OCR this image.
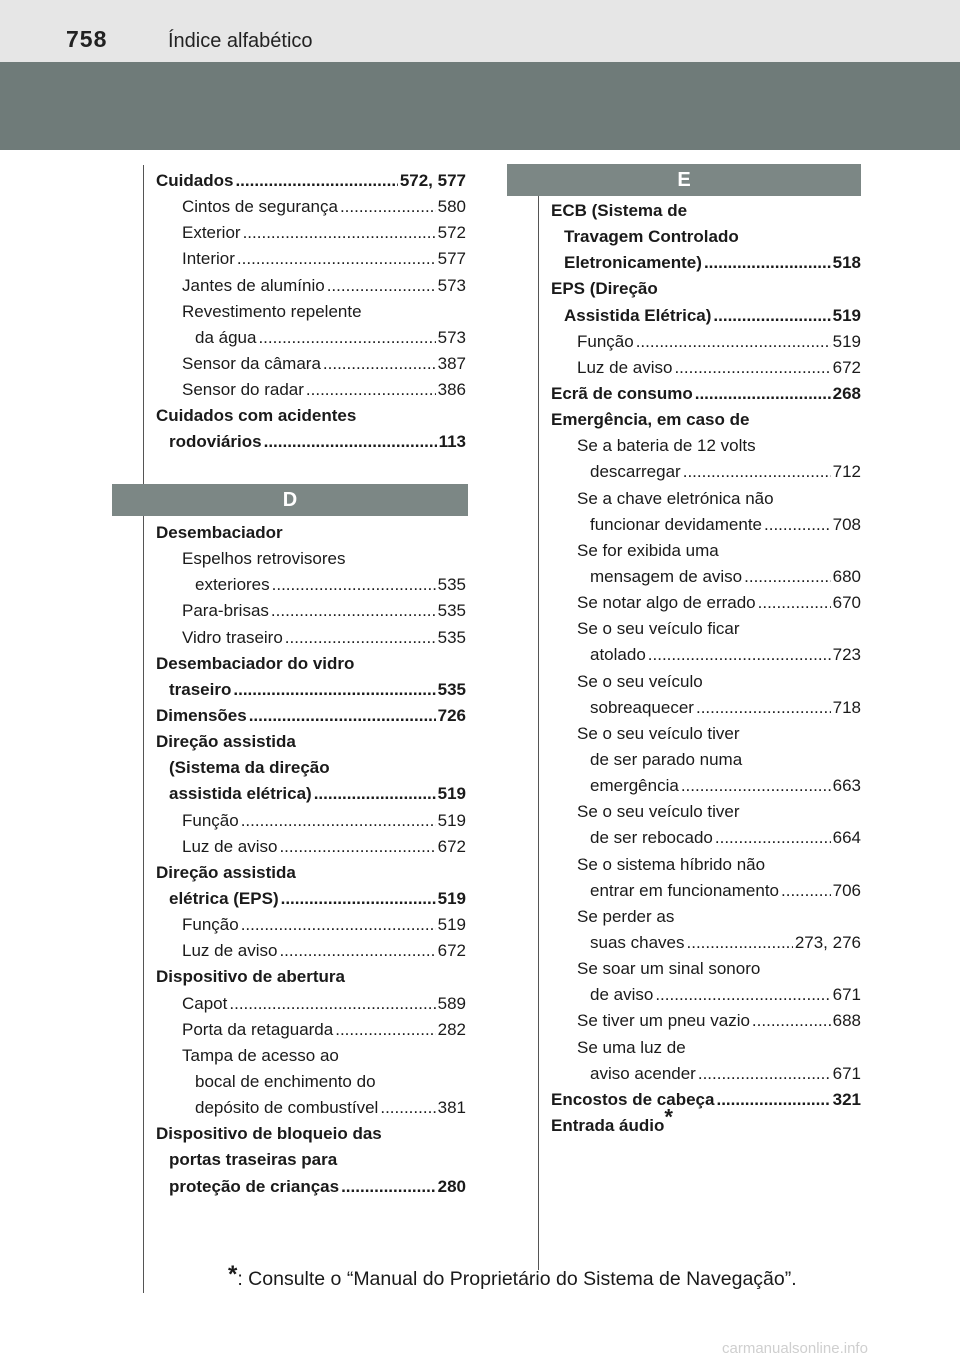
758	Índice alfabético
Cuidados .....	572, 577
Cintos de segurança .....	580
Exterior .....	572
Interior .....	577
Jantes de alumínio .....	573
Revestimento repelente
da água .....	573
Sensor da câmara .....	387
Sensor do radar .....	386
Cuidados com acidentes
rodoviários .....	113
D
Desembaciador
Espelhos retrovisores
exteriores .....	535
Para-brisas .....	535
Vidro traseiro .....	535
Desembaciador do vidro
traseiro .....	535
Dimensões .....	726
Direção assistida
(Sistema da direção
assistida elétrica) .....	519
Função .....	519
Luz de aviso .....	672
Direção assistida
elétrica (EPS) .....	519
Função .....	519
Luz de aviso .....	672
Dispositivo de abertura
Capot .....	589
Porta da retaguarda .....	282
Tampa de acesso ao
bocal de enchimento do
depósito de combustível .....	381
Dispositivo de bloqueio das
portas traseiras para
proteção de crianças .....	280
E
ECB (Sistema de
Travagem Controlado
Eletronicamente) .....	518
EPS (Direção
Assistida Elétrica) .....	519
Função .....	519
Luz de aviso .....	672
Ecrã de consumo .....	268
Emergência, em caso de
Se a bateria de 12 volts
descarregar .....	712
Se a chave eletrónica não
funcionar devidamente .....	708
Se for exibida uma
mensagem de aviso .....	680
Se notar algo de errado .....	670
Se o seu veículo ficar
atolado .....	723
Se o seu veículo
sobreaquecer .....	718
Se o seu veículo tiver
de ser parado numa
emergência .....	663
Se o seu veículo tiver
de ser rebocado .....	664
Se o sistema híbrido não
entrar em funcionamento .....	706
Se perder as
suas chaves .....	273, 276
Se soar um sinal sonoro
de aviso .....	671
Se tiver um pneu vazio .....	688
Se uma luz de
aviso acender .....	671
Encostos de cabeça .....	321
Entrada áudio*
*: Consulte o “Manual do Proprietário do Sistema de Navegação”.
carmanualsonline.info
